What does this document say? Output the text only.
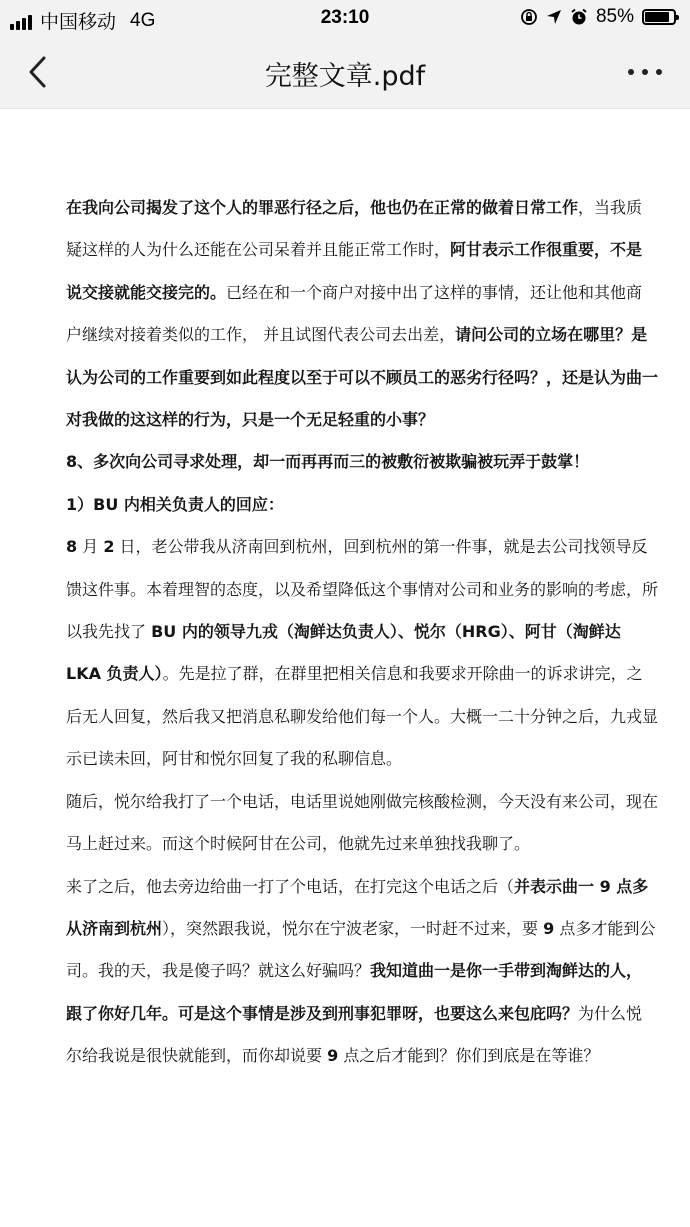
中国移动 4G	23:10	85%
完整文章.pdf

在我向公司揭发了这个人的罪恶行径之后，他也仍在正常的做着日常工作，当我质疑这样的人为什么还能在公司呆着并且能正常工作时，阿甘表示工作很重要，不是说交接就能交接完的。已经在和一个商户对接中出了这样的事情，还让他和其他商户继续对接着类似的工作， 并且试图代表公司去出差，请问公司的立场在哪里？是认为公司的工作重要到如此程度以至于可以不顾员工的恶劣行径吗？，还是认为曲一对我做的这这样的行为，只是一个无足轻重的小事？

8、多次向公司寻求处理，却一而再再而三的被敷衍被欺骗被玩弄于鼓掌！

1）BU 内相关负责人的回应：

8 月 2 日，老公带我从济南回到杭州，回到杭州的第一件事，就是去公司找领导反馈这件事。本着理智的态度，以及希望降低这个事情对公司和业务的影响的考虑，所以我先找了 BU 内的领导九戎（淘鲜达负责人）、悦尔（HRG）、阿甘（淘鲜达 LKA 负责人）。先是拉了群，在群里把相关信息和我要求开除曲一的诉求讲完，之后无人回复，然后我又把消息私聊发给他们每一个人。大概一二十分钟之后，九戎显示已读未回，阿甘和悦尔回复了我的私聊信息。

随后，悦尔给我打了一个电话，电话里说她刚做完核酸检测，今天没有来公司，现在马上赶过来。而这个时候阿甘在公司，他就先过来单独找我聊了。

来了之后，他去旁边给曲一打了个电话，在打完这个电话之后（并表示曲一 9 点多从济南到杭州），突然跟我说，悦尔在宁波老家，一时赶不过来，要 9 点多才能到公司。我的天，我是傻子吗？就这么好骗吗？我知道曲一是你一手带到淘鲜达的人，跟了你好几年。可是这个事情是涉及到刑事犯罪呀，也要这么来包庇吗？为什么悦尔给我说是很快就能到，而你却说要 9 点之后才能到？你们到底是在等谁？
